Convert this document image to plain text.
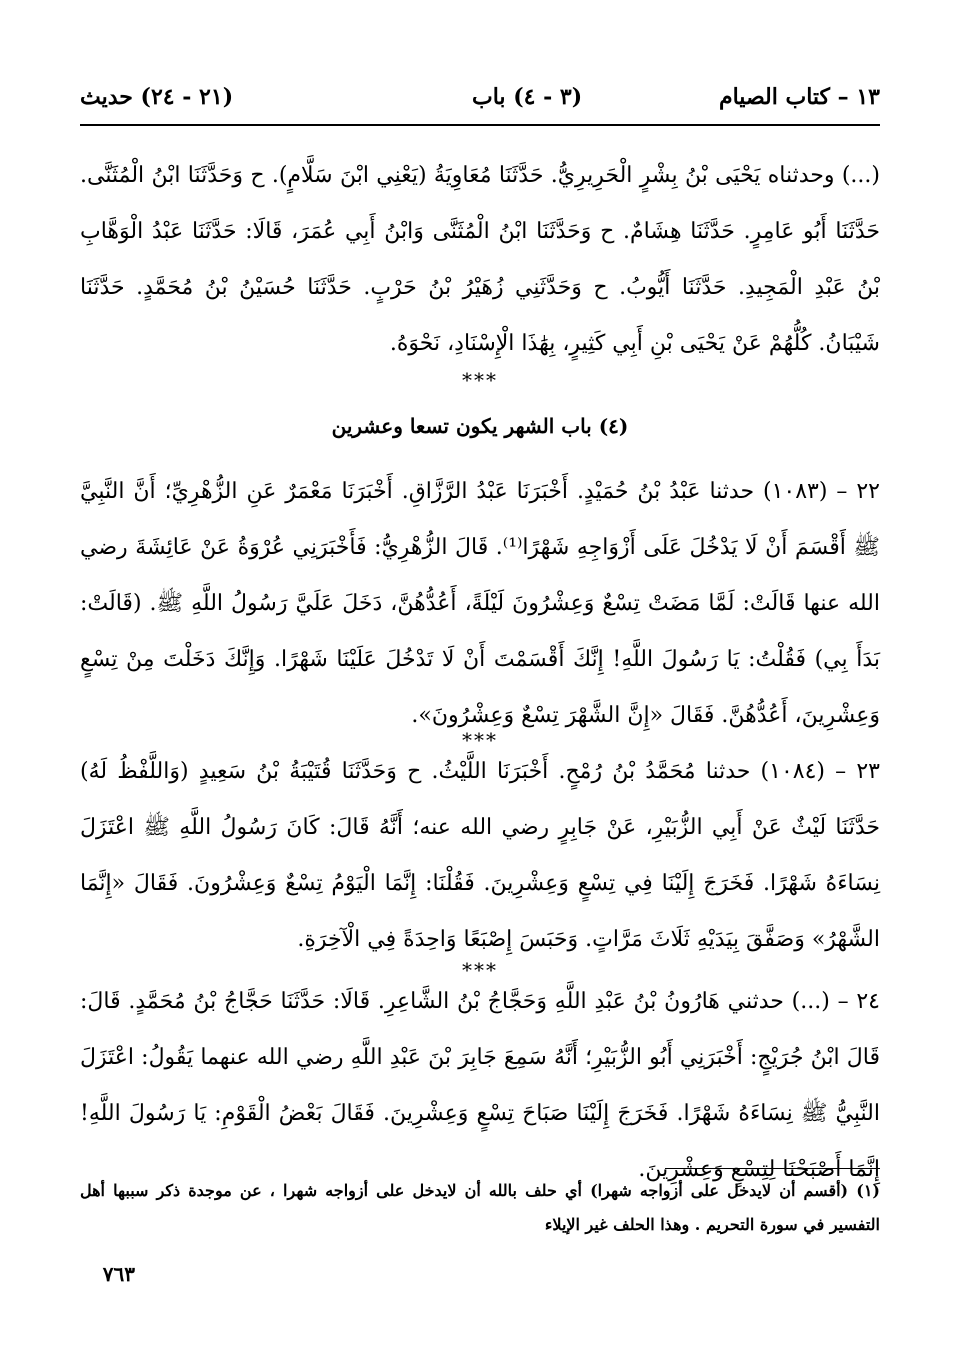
١٣ – كتاب الصيام
(٣ - ٤) باب
(٢١ - ٢٤) حديث

(...) وحدثناه يَحْيَى بْنُ بِشْرٍ الْحَرِيرِيُّ. حَدَّثَنَا مُعَاوِيَةُ (يَعْنِي ابْنَ سَلَّامٍ). ح وَحَدَّثَنَا ابْنُ الْمُثَنَّى. حَدَّثَنَا أَبُو عَامِرٍ. حَدَّثَنَا هِشَامٌ. ح وَحَدَّثَنَا ابْنُ الْمُثَنَّى وَابْنُ أَبِي عُمَرَ، قَالَا: حَدَّثَنَا عَبْدُ الْوَهَّابِ بْنُ عَبْدِ الْمَجِيدِ. حَدَّثَنَا أَيُّوبُ. ح وَحَدَّثَنِي زُهَيْرُ بْنُ حَرْبٍ. حَدَّثَنَا حُسَيْنُ بْنُ مُحَمَّدٍ. حَدَّثَنَا شَيْبَانُ. كُلُّهُمْ عَنْ يَحْيَى بْنِ أَبِي كَثِيرٍ، بِهَٰذَا الْإِسْنَادِ، نَحْوَهُ.

***
(٤) باب الشهر يكون تسعا وعشرين

٢٢ – (١٠٨٣) حدثنا عَبْدُ بْنُ حُمَيْدٍ. أَخْبَرَنَا عَبْدُ الرَّزَّاقِ. أَخْبَرَنَا مَعْمَرٌ عَنِ الزُّهْرِيِّ؛ أَنَّ النَّبِيَّ ﷺ أَقْسَمَ أَنْ لَا يَدْخُلَ عَلَى أَزْوَاجِهِ شَهْرًا⁽¹⁾. قَالَ الزُّهْرِيُّ: فَأَخْبَرَنِي عُرْوَةُ عَنْ عَائِشَةَ رضي الله عنها قَالَتْ: لَمَّا مَضَتْ تِسْعٌ وَعِشْرُونَ لَيْلَةً، أَعُدُّهُنَّ، دَخَلَ عَلَيَّ رَسُولُ اللَّهِ ﷺ. (قَالَتْ: بَدَأَ بِي) فَقُلْتُ: يَا رَسُولَ اللَّهِ! إِنَّكَ أَقْسَمْتَ أَنْ لَا تَدْخُلَ عَلَيْنَا شَهْرًا. وَإِنَّكَ دَخَلْتَ مِنْ تِسْعٍ وَعِشْرِينَ، أَعُدُّهُنَّ. فَقَالَ «إِنَّ الشَّهْرَ تِسْعٌ وَعِشْرُونَ».

***

٢٣ – (١٠٨٤) حدثنا مُحَمَّدُ بْنُ رُمْحٍ. أَخْبَرَنَا اللَّيْثُ. ح وَحَدَّثَنَا قُتَيْبَةُ بْنُ سَعِيدٍ (وَاللَّفْظُ لَهُ) حَدَّثَنَا لَيْثٌ عَنْ أَبِي الزُّبَيْرِ، عَنْ جَابِرٍ رضي الله عنه؛ أَنَّهُ قَالَ: كَانَ رَسُولُ اللَّهِ ﷺ اعْتَزَلَ نِسَاءَهُ شَهْرًا. فَخَرَجَ إِلَيْنَا فِي تِسْعٍ وَعِشْرِينَ. فَقُلْنَا: إِنَّمَا الْيَوْمُ تِسْعٌ وَعِشْرُونَ. فَقَالَ «إِنَّمَا الشَّهْرُ» وَصَفَّقَ بِيَدَيْهِ ثَلَاثَ مَرَّاتٍ. وَحَبَسَ إِصْبَعًا وَاحِدَةً فِي الْآخِرَةِ.

***

٢٤ – (...) حدثني هَارُونُ بْنُ عَبْدِ اللَّهِ وَحَجَّاجُ بْنُ الشَّاعِرِ. قَالَا: حَدَّثَنَا حَجَّاجُ بْنُ مُحَمَّدٍ. قَالَ: قَالَ ابْنُ جُرَيْجٍ: أَخْبَرَنِي أَبُو الزُّبَيْرِ؛ أَنَّهُ سَمِعَ جَابِرَ بْنَ عَبْدِ اللَّهِ رضي الله عنهما يَقُولُ: اعْتَزَلَ النَّبِيُّ ﷺ نِسَاءَهُ شَهْرًا. فَخَرَجَ إِلَيْنَا صَبَاحَ تِسْعٍ وَعِشْرِينَ. فَقَالَ بَعْضُ الْقَوْمِ: يَا رَسُولَ اللَّهِ! إِنَّمَا أَصْبَحْنَا لِتِسْعٍ وَعِشْرِينَ.

(١) (أقسم أن لايدخل على أزواجه شهرا) أي حلف بالله أن لايدخل على أزواجه شهرا ، عن موجدة ذكر سببها أهل التفسير في سورة التحريم . وهذا الحلف غير الإيلاء

٧٦٣
